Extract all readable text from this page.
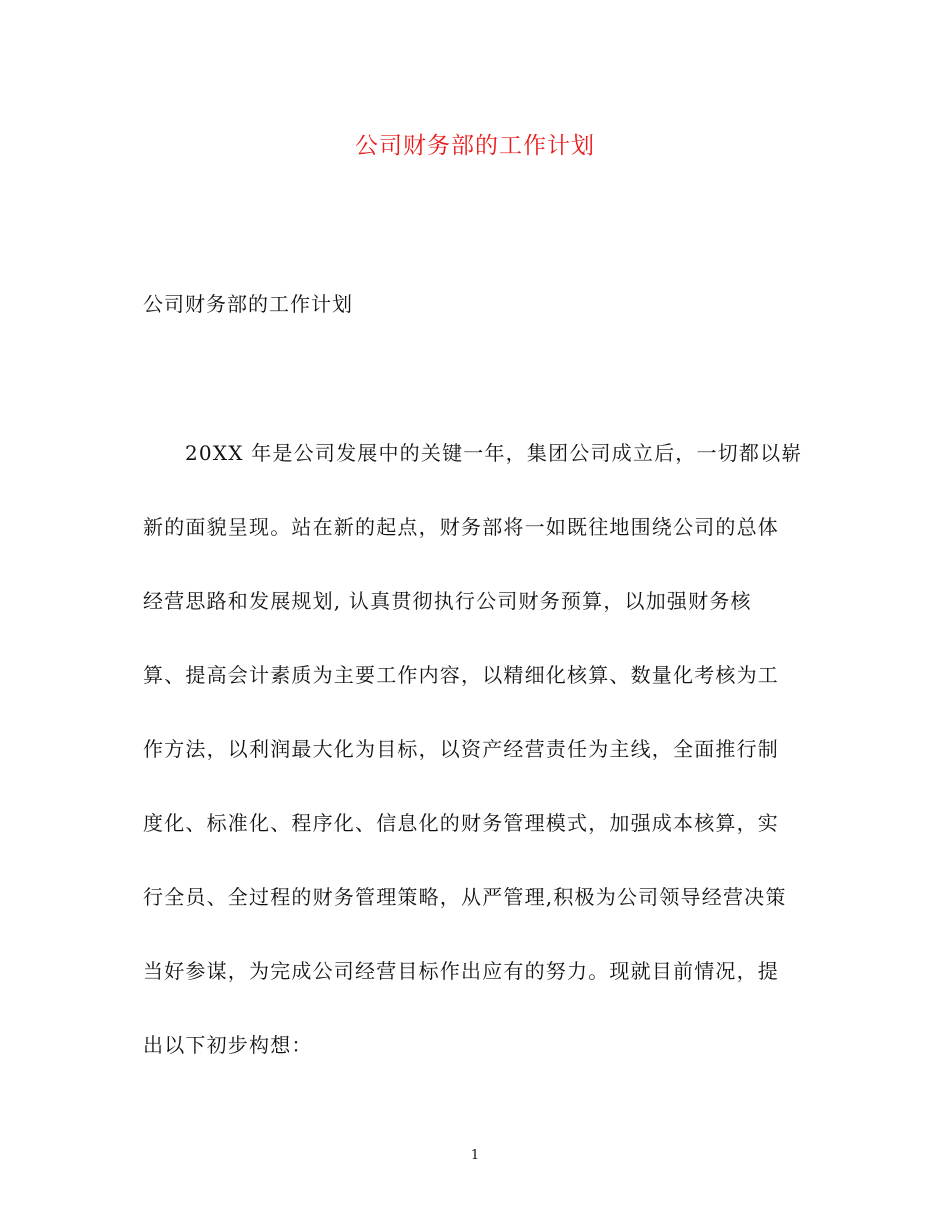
公司财务部的工作计划
公司财务部的工作计划

20XX 年是公司发展中的关键一年，集团公司成立后，一切都以崭
新的面貌呈现。站在新的起点，财务部将一如既往地围绕公司的总体
经营思路和发展规划, 认真贯彻执行公司财务预算，以加强财务核
算、提高会计素质为主要工作内容，以精细化核算、数量化考核为工
作方法，以利润最大化为目标，以资产经营责任为主线，全面推行制
度化、标准化、程序化、信息化的财务管理模式，加强成本核算，实
行全员、全过程的财务管理策略，从严管理,积极为公司领导经营决策
当好参谋，为完成公司经营目标作出应有的努力。现就目前情况，提
出以下初步构想：

1
